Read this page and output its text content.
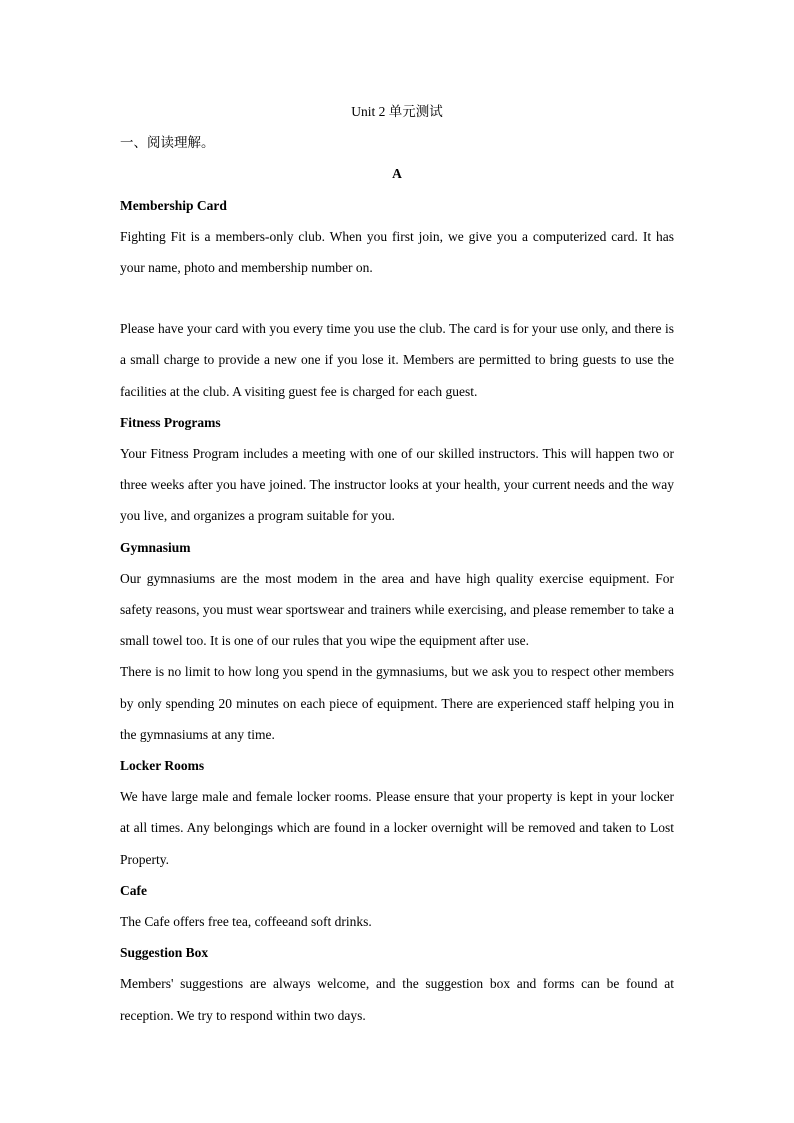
Unit 2 单元测试
一、阅读理解。
A
Membership Card

Fighting Fit is a members-only club. When you first join, we give you a computerized card. It has your name, photo and membership number on.

Please have your card with you every time you use the club. The card is for your use only, and there is a small charge to provide a new one if you lose it. Members are permitted to bring guests to use the facilities at the club. A visiting guest fee is charged for each guest.

Fitness Programs

Your Fitness Program includes a meeting with one of our skilled instructors. This will happen two or three weeks after you have joined. The instructor looks at your health, your current needs and the way you live, and organizes a program suitable for you.

Gymnasium

Our gymnasiums are the most modem in the area and have high quality exercise equipment. For safety reasons, you must wear sportswear and trainers while exercising, and please remember to take a small towel too. It is one of our rules that you wipe the equipment after use.

There is no limit to how long you spend in the gymnasiums, but we ask you to respect other members by only spending 20 minutes on each piece of equipment. There are experienced staff helping you in the gymnasiums at any time.

Locker Rooms

We have large male and female locker rooms. Please ensure that your property is kept in your locker at all times. Any belongings which are found in a locker overnight will be removed and taken to Lost Property.

Cafe

The Cafe offers free tea, coffeeand soft drinks.

Suggestion Box

Members' suggestions are always welcome, and the suggestion box and forms can be found at reception. We try to respond within two days.
